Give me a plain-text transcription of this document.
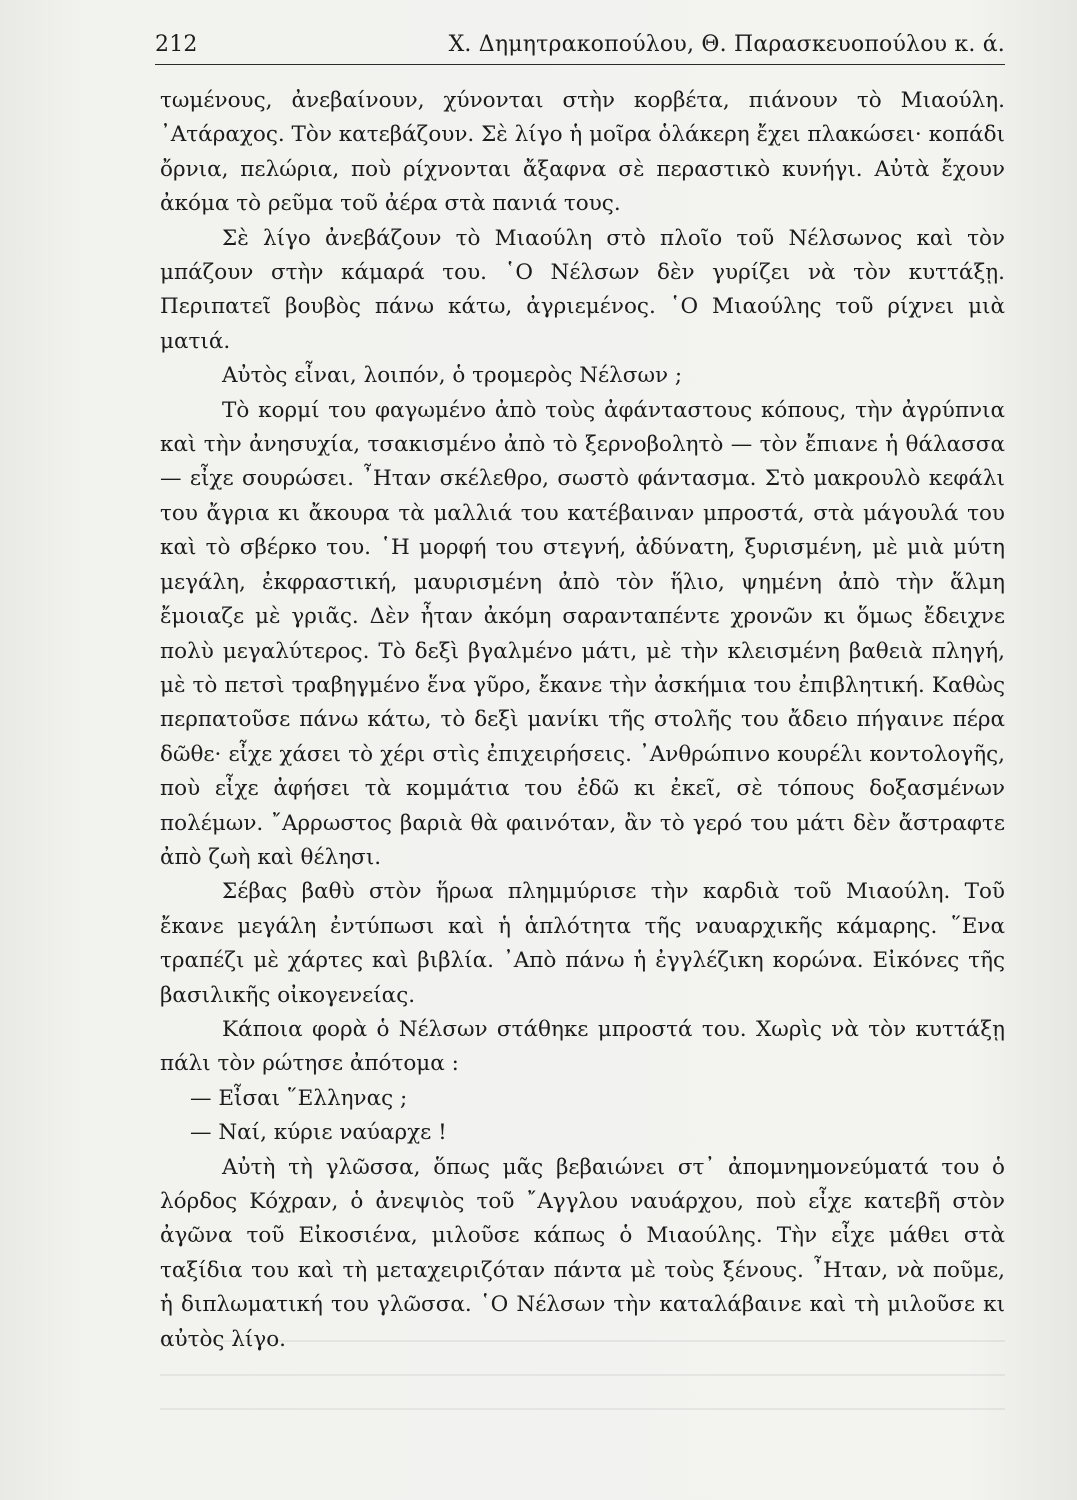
212	Χ. Δημητρακοπούλου, Θ. Παρασκευοπούλου κ. ά.

τωμένους, ἀνεβαίνουν, χύνονται στὴν κορβέτα, πιάνουν τὸ Μιαούλη. ᾿Ατάραχος. Τὸν κατεβάζουν. Σὲ λίγο ἡ μοῖρα ὁλάκερη ἔχει πλακώσει· κοπάδι ὄρνια, πελώρια, ποὺ ρίχνονται ἄξαφνα σὲ περαστικὸ κυνήγι. Αὐτὰ ἔχουν ἀκόμα τὸ ρεῦμα τοῦ ἀέρα στὰ πανιά τους.

Σὲ λίγο ἀνεβάζουν τὸ Μιαούλη στὸ πλοῖο τοῦ Νέλσωνος καὶ τὸν μπάζουν στὴν κάμαρά του. ῾Ο Νέλσων δὲν γυρίζει νὰ τὸν κυττάξῃ. Περιπατεῖ βουβὸς πάνω κάτω, ἀγριεμένος. ῾Ο Μιαούλης τοῦ ρίχνει μιὰ ματιά.

Αὐτὸς εἶναι, λοιπόν, ὁ τρομερὸς Νέλσων ;

Τὸ κορμί του φαγωμένο ἀπὸ τοὺς ἀφάνταστους κόπους, τὴν ἀγρύπνια καὶ τὴν ἀνησυχία, τσακισμένο ἀπὸ τὸ ξερνοβολητὸ — τὸν ἔπιανε ἡ θάλασσα — εἶχε σουρώσει. ῏Ηταν σκέλεθρο, σωστὸ φάντασμα. Στὸ μακρουλὸ κεφάλι του ἄγρια κι ἄκουρα τὰ μαλλιά του κατέβαιναν μπροστά, στὰ μάγουλά του καὶ τὸ σβέρκο του. ῾Η μορφή του στεγνή, ἀδύνατη, ξυρισμένη, μὲ μιὰ μύτη μεγάλη, ἐκφραστική, μαυρισμένη ἀπὸ τὸν ἥλιο, ψημένη ἀπὸ τὴν ἅλμη ἔμοιαζε μὲ γριᾶς. Δὲν ἦταν ἀκόμη σαρανταπέντε χρονῶν κι ὅμως ἔδειχνε πολὺ μεγαλύτερος. Τὸ δεξὶ βγαλμένο μάτι, μὲ τὴν κλεισμένη βαθειὰ πληγή, μὲ τὸ πετσὶ τραβηγμένο ἕνα γῦρο, ἔκανε τὴν ἀσκήμια του ἐπιβλητική. Καθὼς περπατοῦσε πάνω κάτω, τὸ δεξὶ μανίκι τῆς στολῆς του ἄδειο πήγαινε πέρα δῶθε· εἶχε χάσει τὸ χέρι στὶς ἐπιχειρήσεις. ᾿Ανθρώπινο κουρέλι κοντολογῆς, ποὺ εἶχε ἀφήσει τὰ κομμάτια του ἐδῶ κι ἐκεῖ, σὲ τόπους δοξασμένων πολέμων. ῎Αρρωστος βαριὰ θὰ φαινόταν, ἂν τὸ γερό του μάτι δὲν ἄστραφτε ἀπὸ ζωὴ καὶ θέλησι.

Σέβας βαθὺ στὸν ἥρωα πλημμύρισε τὴν καρδιὰ τοῦ Μιαούλη. Τοῦ ἔκανε μεγάλη ἐντύπωσι καὶ ἡ ἁπλότητα τῆς ναυαρχικῆς κάμαρης. ῞Ενα τραπέζι μὲ χάρτες καὶ βιβλία. ᾿Απὸ πάνω ἡ ἐγγλέζικη κορώνα. Εἰκόνες τῆς βασιλικῆς οἰκογενείας.

Κάποια φορὰ ὁ Νέλσων στάθηκε μπροστά του. Χωρὶς νὰ τὸν κυττάξῃ πάλι τὸν ρώτησε ἀπότομα :

— Εἶσαι ῞Ελληνας ;

— Ναί, κύριε ναύαρχε !

Αὐτὴ τὴ γλῶσσα, ὅπως μᾶς βεβαιώνει στ᾿ ἀπομνημονεύματά του ὁ λόρδος Κόχραν, ὁ ἀνεψιὸς τοῦ ῎Αγγλου ναυάρχου, ποὺ εἶχε κατεβῆ στὸν ἀγῶνα τοῦ Εἰκοσιένα, μιλοῦσε κάπως ὁ Μιαούλης. Τὴν εἶχε μάθει στὰ ταξίδια του καὶ τὴ μεταχειριζόταν πάντα μὲ τοὺς ξένους. ῏Ηταν, νὰ ποῦμε, ἡ διπλωματική του γλῶσσα. ῾Ο Νέλσων τὴν καταλάβαινε καὶ τὴ μιλοῦσε κι αὐτὸς λίγο.
